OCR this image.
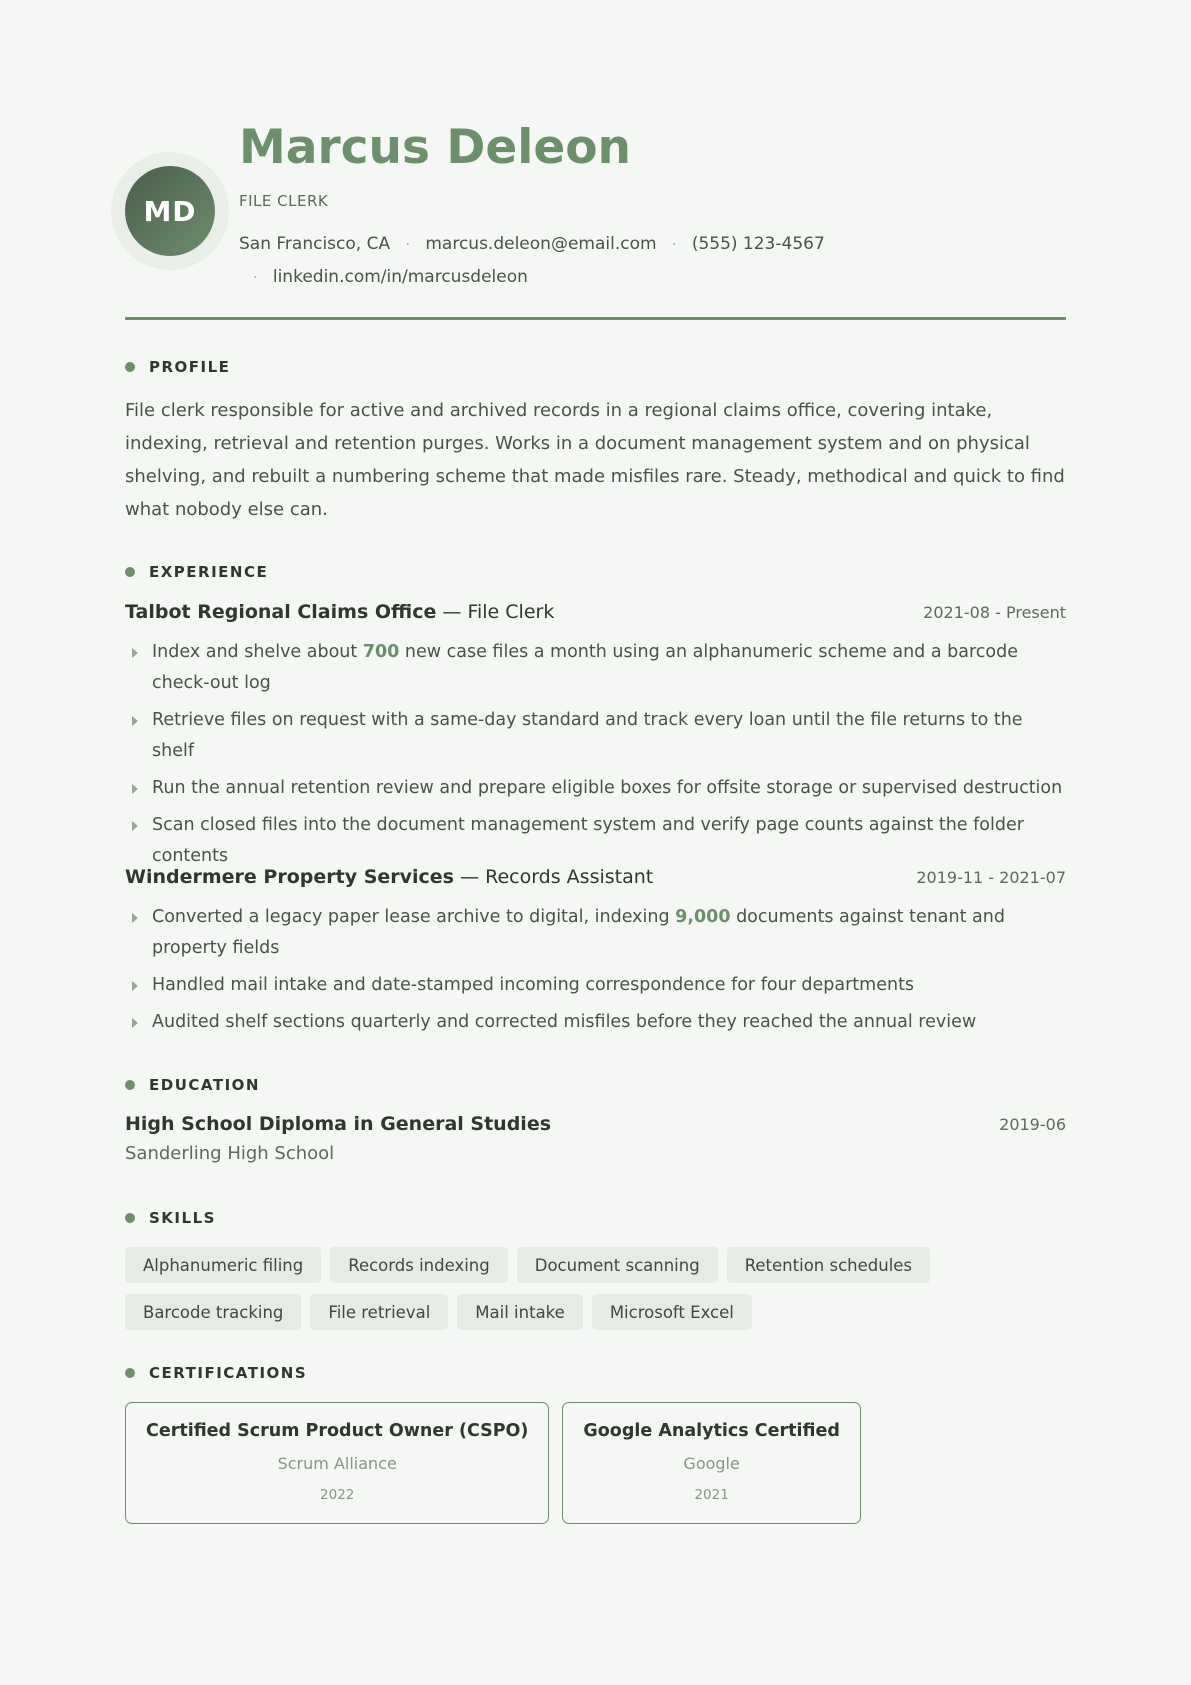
MD
Marcus Deleon
FILE CLERK
San Francisco, CA · marcus.deleon@email.com · (555) 123-4567
· linkedin.com/in/marcusdeleon
PROFILE
File clerk responsible for active and archived records in a regional claims office, covering intake, indexing, retrieval and retention purges. Works in a document management system and on physical shelving, and rebuilt a numbering scheme that made misfiles rare. Steady, methodical and quick to find what nobody else can.
EXPERIENCE
Talbot Regional Claims Office — File Clerk	2021-08 - Present
Index and shelve about 700 new case files a month using an alphanumeric scheme and a barcode check-out log
Retrieve files on request with a same-day standard and track every loan until the file returns to the shelf
Run the annual retention review and prepare eligible boxes for offsite storage or supervised destruction
Scan closed files into the document management system and verify page counts against the folder contents
Windermere Property Services — Records Assistant	2019-11 - 2021-07
Converted a legacy paper lease archive to digital, indexing 9,000 documents against tenant and property fields
Handled mail intake and date-stamped incoming correspondence for four departments
Audited shelf sections quarterly and corrected misfiles before they reached the annual review
EDUCATION
High School Diploma in General Studies	2019-06
Sanderling High School
SKILLS
Alphanumeric filing	Records indexing	Document scanning	Retention schedules
Barcode tracking	File retrieval	Mail intake	Microsoft Excel
CERTIFICATIONS
Certified Scrum Product Owner (CSPO)
Scrum Alliance
2022
Google Analytics Certified
Google
2021
